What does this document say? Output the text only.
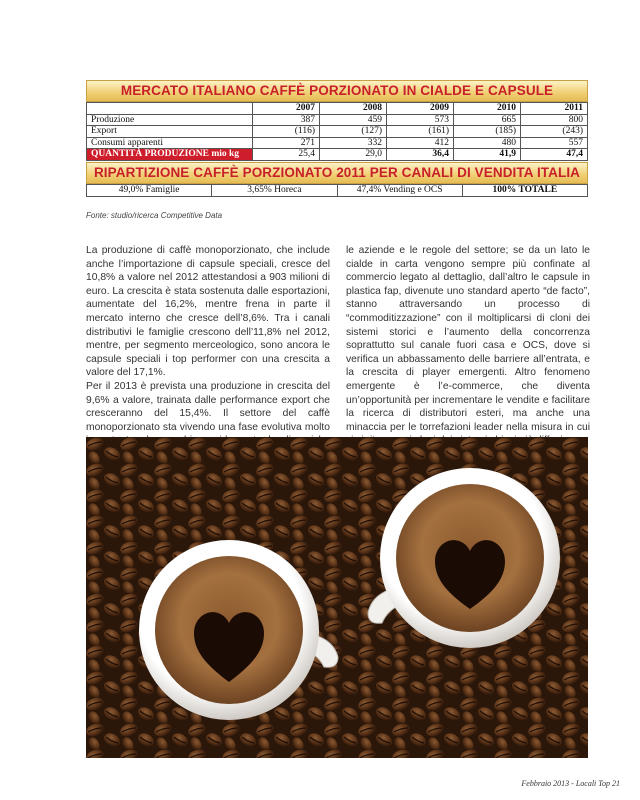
MERCATO ITALIANO CAFFÈ PORZIONATO IN CIALDE E CAPSULE
VALORI milioni euro	2007	2008	2009	2010	2011
Produzione	387	459	573	665	800
Export	(116)	(127)	(161)	(185)	(243)
Consumi apparenti	271	332	412	480	557
QUANTITÀ PRODUZIONE mio kg	25,4	29,0	36,4	41,9	47,4
RIPARTIZIONE CAFFÈ PORZIONATO 2011 PER CANALI DI VENDITA ITALIA
49,0% Famiglie	3,65% Horeca	47,4% Vending e OCS	100% TOTALE
Fonte: studio/ricerca Competitive Data

La produzione di caffè monoporzionato, che include anche l’importazione di capsule speciali, cresce del 10,8% a valore nel 2012 attestandosi a 903 milioni di euro. La crescita è stata sostenuta dalle esportazioni, aumentate del 16,2%, mentre frena in parte il mercato interno che cresce dell’8,6%. Tra i canali distributivi le famiglie crescono dell’11,8% nel 2012, mentre, per segmento merceologico, sono ancora le capsule speciali i top performer con una crescita a valore del 17,1%.

Per il 2013 è prevista una produzione in crescita del 9,6% a valore, trainata dalle performance export che cresceranno del 15,4%. Il settore del caffè monoporzionato sta vivendo una fase evolutiva molto

le aziende e le regole del settore; se da un lato le cialde in carta vengono sempre più confinate al commercio legato al dettaglio, dall’altro le capsule in plastica fap, divenute uno standard aperto “de facto”, stanno attraversando un processo di “commoditizzazione” con il moltiplicarsi di cloni dei sistemi storici e l’aumento della concorrenza soprattutto sul canale fuori casa e OCS, dove si verifica un abbassamento delle barriere all’entrata, e la crescita di player emergenti. Altro fenomeno emergente è l’e-commerce, che diventa un’opportunità per incrementare le vendite e facilitare la ricerca di distributori esteri, ma anche una minaccia per le torrefazioni leader nella misura in cui

Febbraio 2013 - Locali Top 21
